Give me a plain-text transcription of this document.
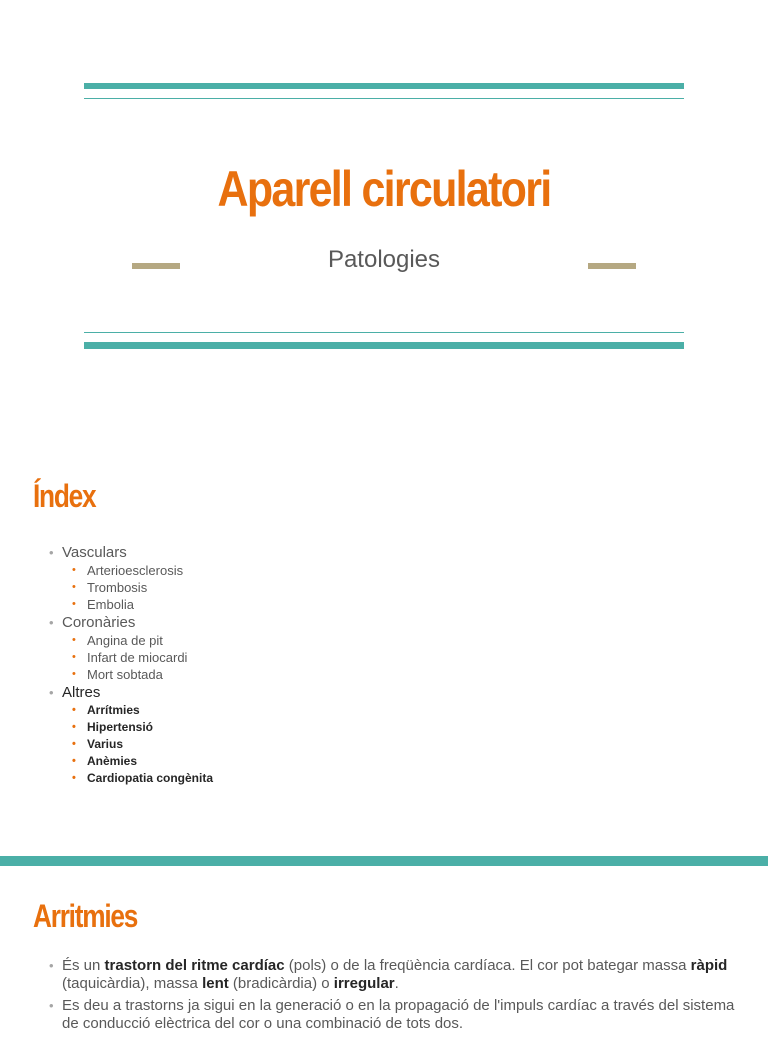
Aparell circulatori
Patologies
Índex
• Vasculars
• Arterioesclerosis
• Trombosis
• Embolia
• Coronàries
• Angina de pit
• Infart de miocardi
• Mort sobtada
• Altres
• Arrítmies
• Hipertensió
• Varius
• Anèmies
• Cardiopatia congènita
Arritmies
• És un trastorn del ritme cardíac (pols) o de la freqüència cardíaca. El cor pot bategar massa ràpid (taquicàrdia), massa lent (bradicàrdia) o irregular.
• Es deu a trastorns ja sigui en la generació o en la propagació de l'impuls cardíac a través del sistema de conducció elèctrica del cor o una combinació de tots dos.
